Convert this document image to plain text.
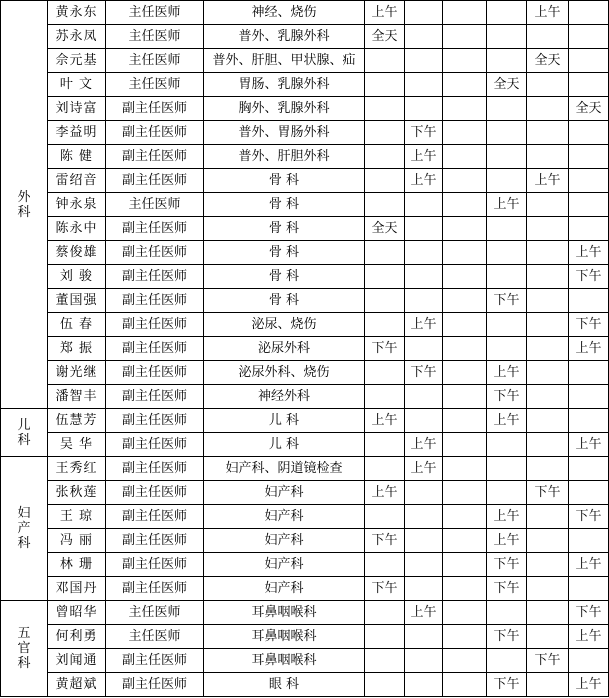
外
科	黄永东	主任医师	神经、烧伤	上午				上午	
	苏永凤	主任医师	普外、乳腺外科	全天					
	佘元基	主任医师	普外、肝胆、甲状腺、疝					全天	
	叶 文	主任医师	胃肠、乳腺外科				全天		
	刘诗富	副主任医师	胸外、乳腺外科						全天
	李益明	副主任医师	普外、胃肠外科		下午				
	陈 健	副主任医师	普外、肝胆外科		上午				
	雷绍音	副主任医师	骨 科		上午			上午	
	钟永泉	主任医师	骨 科				上午		
	陈永中	副主任医师	骨 科	全天					
	蔡俊雄	副主任医师	骨 科						上午
	刘 骏	副主任医师	骨 科						下午
	董国强	副主任医师	骨 科				下午		
	伍 春	副主任医师	泌尿、烧伤		上午				下午
	郑 振	副主任医师	泌尿外科	下午					上午
	谢光继	副主任医师	泌尿外科、烧伤		下午		上午		
	潘智丰	副主任医师	神经外科				下午		

儿
科	伍慧芳	副主任医师	儿 科	上午			上午		
	吴 华	副主任医师	儿 科		上午				上午

妇
产
科	王秀红	副主任医师	妇产科、阴道镜检查		上午				
	张秋莲	副主任医师	妇产科	上午				下午	
	王 琼	副主任医师	妇产科				上午		下午
	冯 丽	副主任医师	妇产科	下午			上午		
	林 珊	副主任医师	妇产科				下午		上午
	邓国丹	副主任医师	妇产科	下午			下午		

五
官
科	曾昭华	主任医师	耳鼻咽喉科		上午				下午
	何利勇	主任医师	耳鼻咽喉科				下午		上午
	刘闻通	副主任医师	耳鼻咽喉科					下午	
	黄超斌	副主任医师	眼 科				下午		上午
